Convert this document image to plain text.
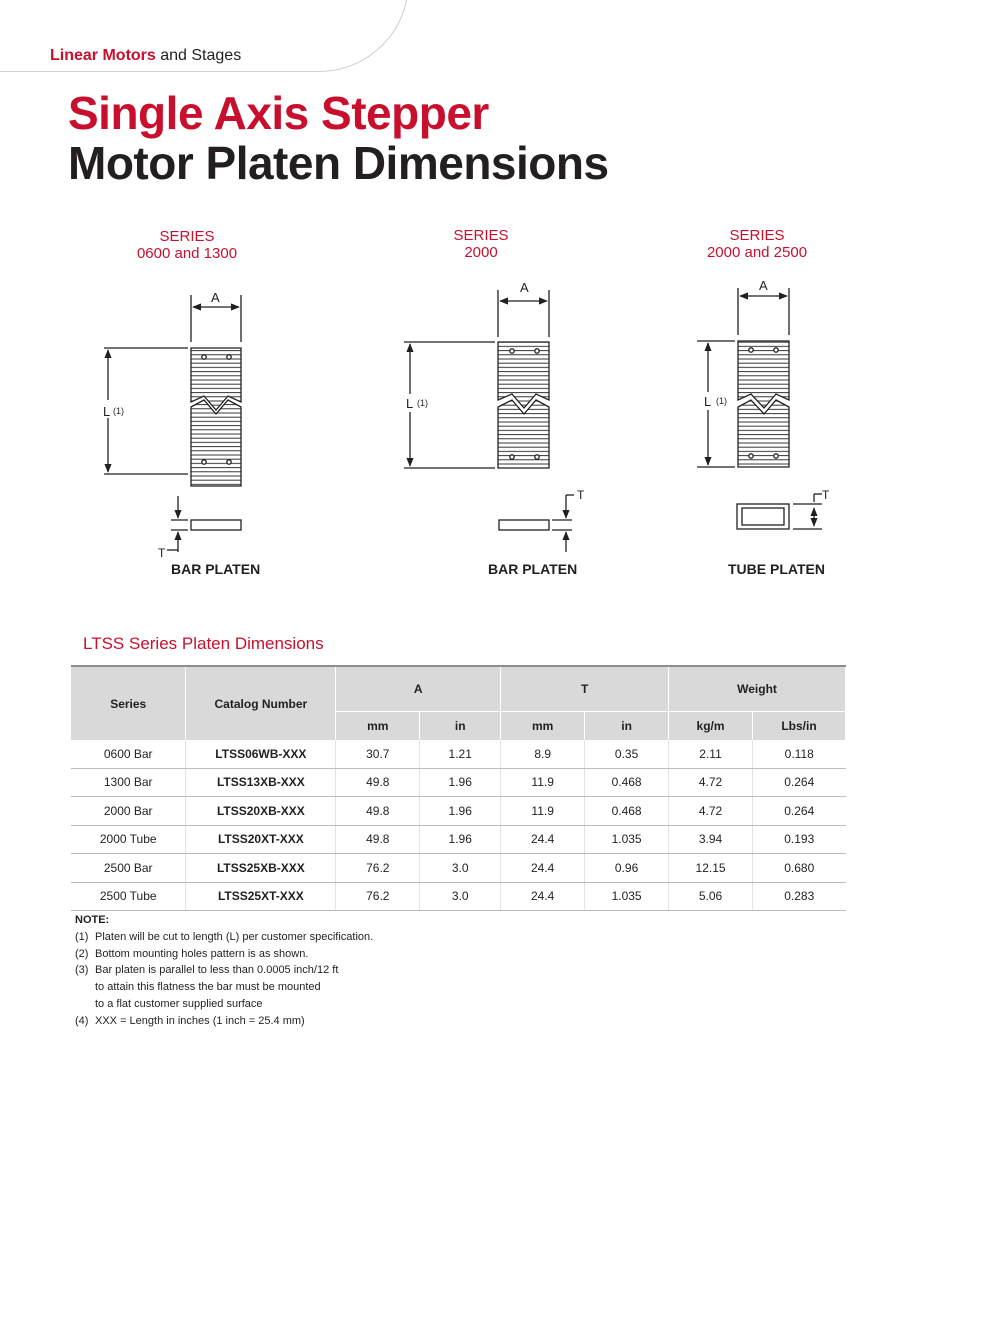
Linear Motors and Stages
Single Axis Stepper
Motor Platen Dimensions
SERIES
0600 and 1300
SERIES
2000
SERIES
2000 and 2500
L (1)
A
T
L (1)
A
T
L (1)
A
T
BAR PLATEN	BAR PLATEN	TUBE PLATEN
LTSS Series Platen Dimensions
Series	Catalog Number	A		T		Weight	
		mm	in	mm	in	kg/m	Lbs/in
0600 Bar	LTSS06WB-XXX	30.7	1.21	8.9	0.35	2.11	0.118
1300 Bar	LTSS13XB-XXX	49.8	1.96	11.9	0.468	4.72	0.264
2000 Bar	LTSS20XB-XXX	49.8	1.96	11.9	0.468	4.72	0.264
2000 Tube	LTSS20XT-XXX	49.8	1.96	24.4	1.035	3.94	0.193
2500 Bar	LTSS25XB-XXX	76.2	3.0	24.4	0.96	12.15	0.680
2500 Tube	LTSS25XT-XXX	76.2	3.0	24.4	1.035	5.06	0.283
NOTE:
(1) Platen will be cut to length (L) per customer specification.
(2) Bottom mounting holes pattern is as shown.
(3) Bar platen is parallel to less than 0.0005 inch/12 ft
to attain this flatness the bar must be mounted
to a flat customer supplied surface
(4) XXX = Length in inches (1 inch = 25.4 mm)
